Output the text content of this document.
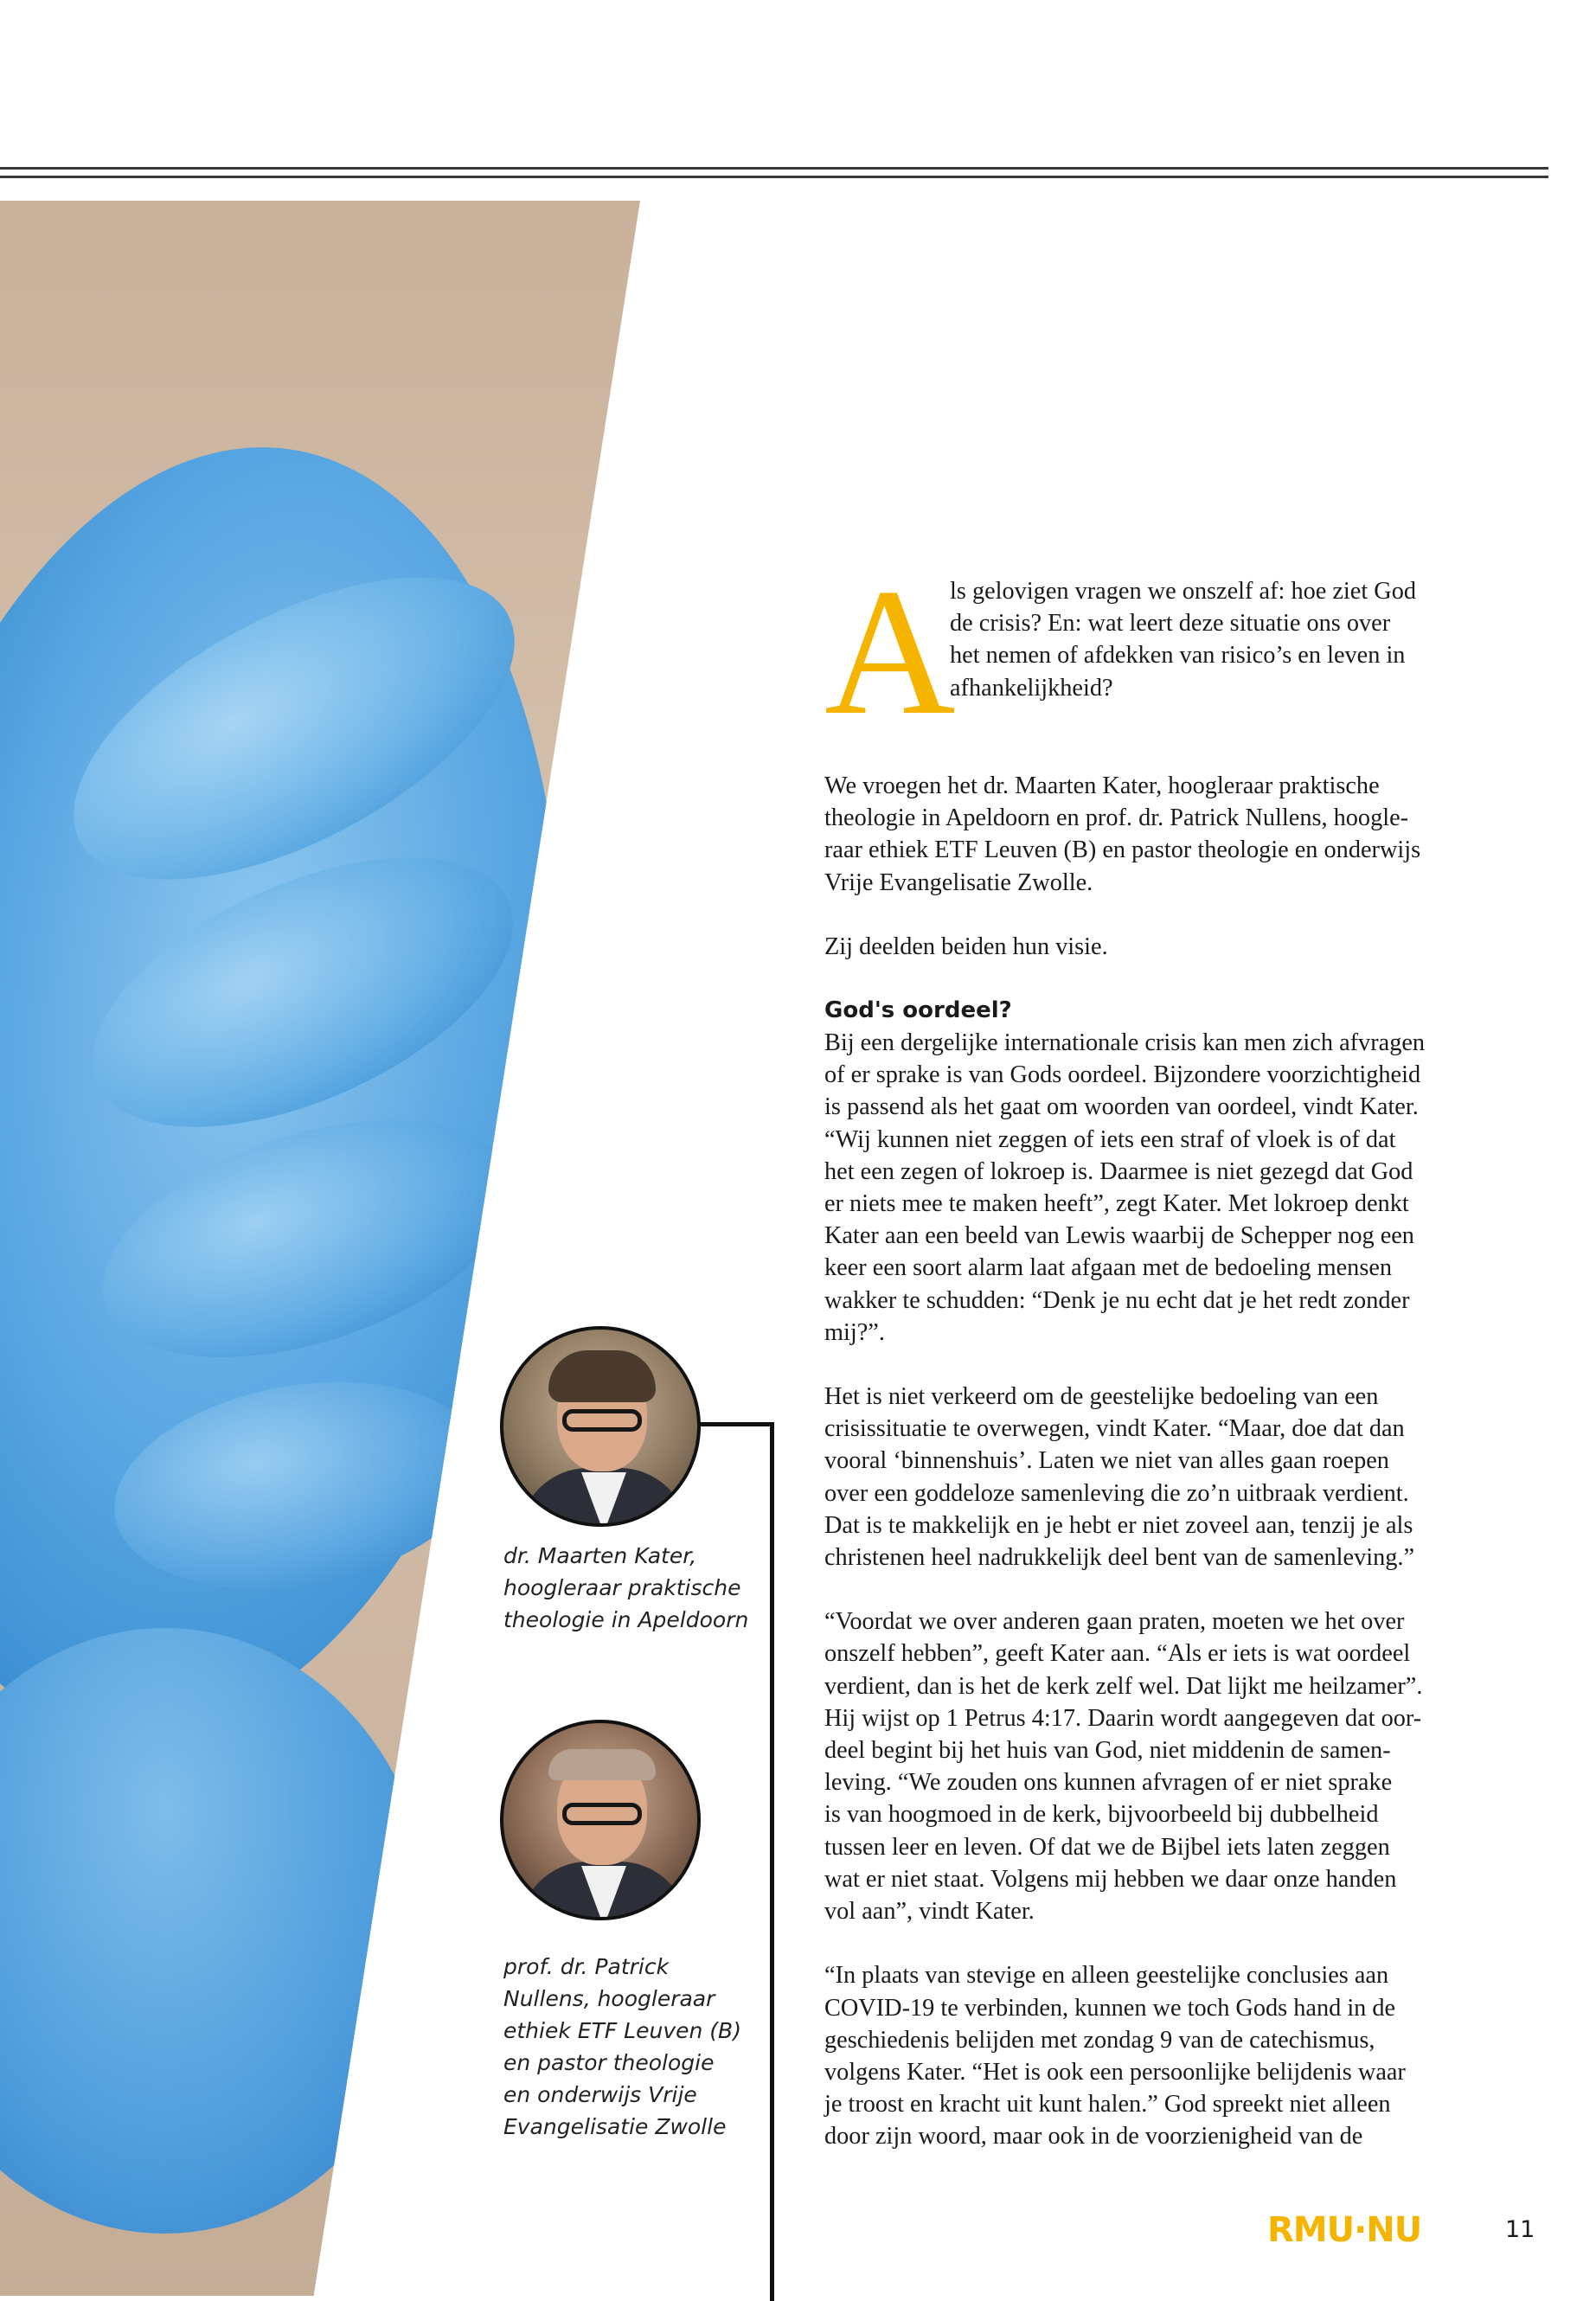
dr. Maarten Kater,
hoogleraar praktische
theologie in Apeldoorn
prof. dr. Patrick
Nullens, hoogleraar
ethiek ETF Leuven (B)
en pastor theologie
en onderwijs Vrije
Evangelisatie Zwolle
A
ls gelovigen vragen we onszelf af: hoe ziet God
de crisis? En: wat leert deze situatie ons over
het nemen of afdekken van risico’s en leven in
afhankelijkheid?

We vroegen het dr. Maarten Kater, hoogleraar praktische
theologie in Apeldoorn en prof. dr. Patrick Nullens, hoogle-
raar ethiek ETF Leuven (B) en pastor theologie en onderwijs
Vrije Evangelisatie Zwolle.

Zij deelden beiden hun visie.

God's oordeel?

Bij een dergelijke internationale crisis kan men zich afvragen
of er sprake is van Gods oordeel. Bijzondere voorzichtigheid
is passend als het gaat om woorden van oordeel, vindt Kater.
“Wij kunnen niet zeggen of iets een straf of vloek is of dat
het een zegen of lokroep is. Daarmee is niet gezegd dat God
er niets mee te maken heeft”, zegt Kater. Met lokroep denkt
Kater aan een beeld van Lewis waarbij de Schepper nog een
keer een soort alarm laat afgaan met de bedoeling mensen
wakker te schudden: “Denk je nu echt dat je het redt zonder
mij?”.

Het is niet verkeerd om de geestelijke bedoeling van een
crisissituatie te overwegen, vindt Kater. “Maar, doe dat dan
vooral ‘binnenshuis’. Laten we niet van alles gaan roepen
over een goddeloze samenleving die zo’n uitbraak verdient.
Dat is te makkelijk en je hebt er niet zoveel aan, tenzij je als
christenen heel nadrukkelijk deel bent van de samenleving.”

“Voordat we over anderen gaan praten, moeten we het over
onszelf hebben”, geeft Kater aan. “Als er iets is wat oordeel
verdient, dan is het de kerk zelf wel. Dat lijkt me heilzamer”.
Hij wijst op 1 Petrus 4:17. Daarin wordt aangegeven dat oor-
deel begint bij het huis van God, niet middenin de samen-
leving. “We zouden ons kunnen afvragen of er niet sprake
is van hoogmoed in de kerk, bijvoorbeeld bij dubbelheid
tussen leer en leven. Of dat we de Bijbel iets laten zeggen
wat er niet staat. Volgens mij hebben we daar onze handen
vol aan”, vindt Kater.

“In plaats van stevige en alleen geestelijke conclusies aan
COVID-19 te verbinden, kunnen we toch Gods hand in de
geschiedenis belijden met zondag 9 van de catechismus,
volgens Kater. “Het is ook een persoonlijke belijdenis waar
je troost en kracht uit kunt halen.” God spreekt niet alleen
door zijn woord, maar ook in de voorzienigheid van de

RMU·NU	11
